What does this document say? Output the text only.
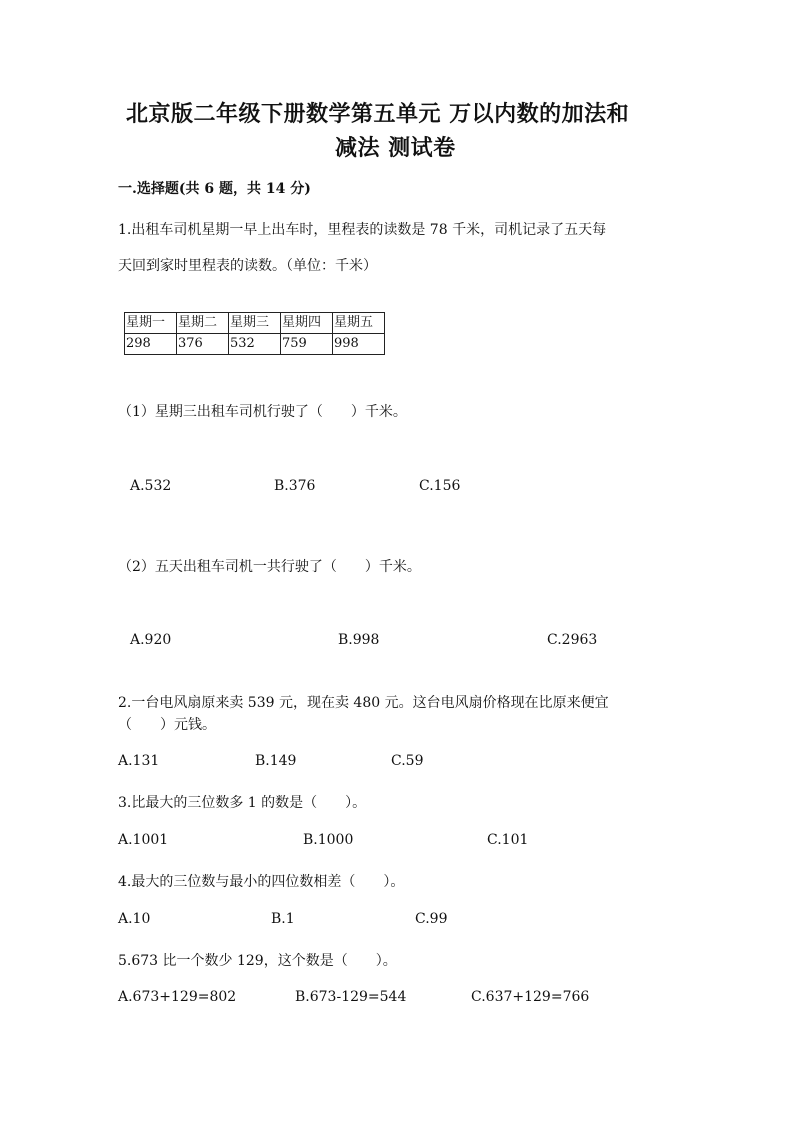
北京版二年级下册数学第五单元 万以内数的加法和
减法 测试卷
一.选择题(共 6 题，共 14 分)
1.出租车司机星期一早上出车时，里程表的读数是 78 千米，司机记录了五天每
天回到家时里程表的读数。（单位：千米）
星期一	星期二	星期三	星期四	星期五
298	376	532	759	998
（1）星期三出租车司机行驶了（　　）千米。
A.532	B.376	C.156
（2）五天出租车司机一共行驶了（　　）千米。
A.920	B.998	C.2963
2.一台电风扇原来卖 539 元，现在卖 480 元。这台电风扇价格现在比原来便宜
（　　）元钱。
A.131	B.149	C.59
3.比最大的三位数多 1 的数是（　　）。
A.1001	B.1000	C.101
4.最大的三位数与最小的四位数相差（　　）。
A.10	B.1	C.99
5.673 比一个数少 129，这个数是（　　）。
A.673+129=802	B.673-129=544	C.637+129=766
